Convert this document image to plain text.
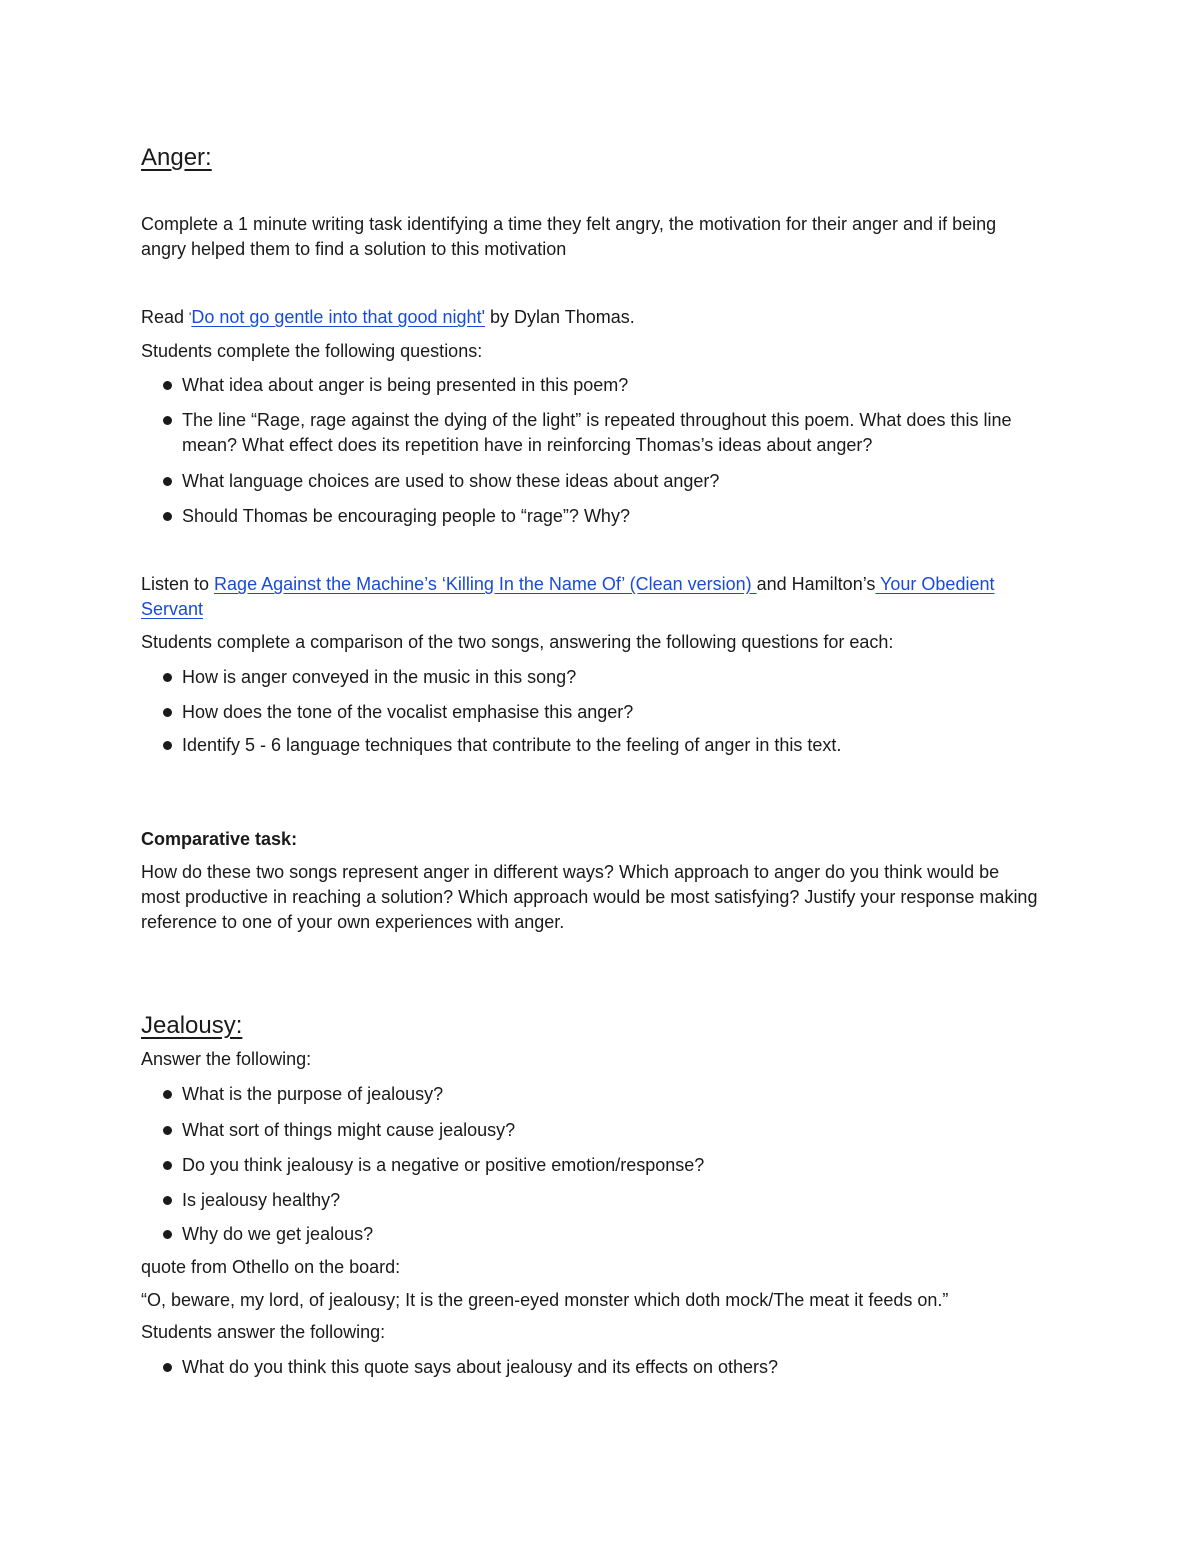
Anger:
Complete a 1 minute writing task identifying a time they felt angry, the motivation for their anger and if being angry helped them to find a solution to this motivation
Read 'Do not go gentle into that good night' by Dylan Thomas.
Students complete the following questions:
What idea about anger is being presented in this poem?
The line “Rage, rage against the dying of the light” is repeated throughout this poem. What does this line mean? What effect does its repetition have in reinforcing Thomas’s ideas about anger?
What language choices are used to show these ideas about anger?
Should Thomas be encouraging people to “rage”? Why?
Listen to Rage Against the Machine’s ‘Killing In the Name Of’ (Clean version) and Hamilton’s Your Obedient Servant
Students complete a comparison of the two songs, answering the following questions for each:
How is anger conveyed in the music in this song?
How does the tone of the vocalist emphasise this anger?
Identify 5 - 6 language techniques that contribute to the feeling of anger in this text.
Comparative task:
How do these two songs represent anger in different ways? Which approach to anger do you think would be most productive in reaching a solution? Which approach would be most satisfying? Justify your response making reference to one of your own experiences with anger.
Jealousy:
Answer the following:
What is the purpose of jealousy?
What sort of things might cause jealousy?
Do you think jealousy is a negative or positive emotion/response?
Is jealousy healthy?
Why do we get jealous?
quote from Othello on the board:
“O, beware, my lord, of jealousy; It is the green-eyed monster which doth mock/The meat it feeds on.”
Students answer the following:
What do you think this quote says about jealousy and its effects on others?
